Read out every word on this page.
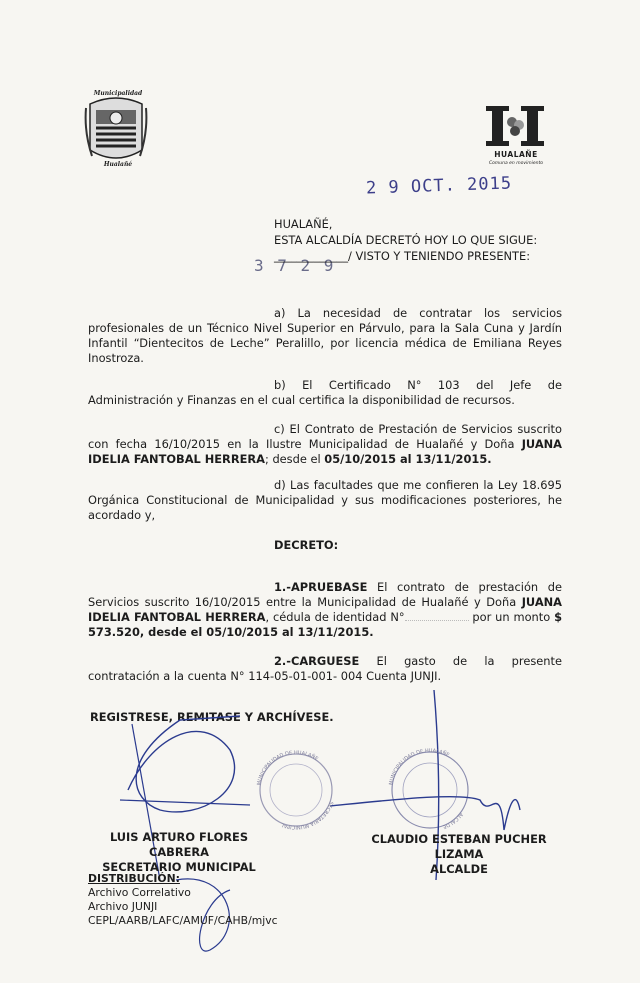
Municipalidad
Hualañé
HUALAÑE
Comuna en movimiento
2 9 OCT. 2015
3 7 2 9

HUALAÑÉ,

ESTA ALCALDÍA DECRETÓ HOY LO QUE SIGUE:

_____________/ VISTO Y TENIENDO PRESENTE:

a) La necesidad de contratar los servicios

profesionales de un Técnico Nivel Superior en Párvulo, para la Sala Cuna y Jardín Infantil “Dientecitos de Leche” Peralillo, por licencia médica de Emiliana Reyes Inostroza.

b) El Certificado N° 103 del Jefe de

Administración y Finanzas en el cual certifica la disponibilidad de recursos.

c) El Contrato de Prestación de Servicios suscrito

con fecha 16/10/2015 en la Ilustre Municipalidad de Hualañé y Doña JUANA IDELIA FANTOBAL HERRERA; desde el 05/10/2015 al 13/11/2015.

d) Las facultades que me confieren la Ley 18.695

Orgánica Constitucional de Municipalidad y sus modificaciones posteriores, he acordado y,

DECRETO:

1.-APRUEBASE El contrato de prestación de

Servicios suscrito 16/10/2015 entre la Municipalidad de Hualañé y Doña JUANA IDELIA FANTOBAL HERRERA, cédula de identidad N°	por un monto $ 573.520, desde el 05/10/2015 al 13/11/2015.

2.-CARGUESE El gasto de la presente

contratación a la cuenta N° 114-05-01-001- 004 Cuenta JUNJI.

REGISTRESE, REMITASE Y ARCHÍVESE.
MUNICIPALIDAD DE HUALAÑE
SECRETARIA MUNICIPAL
MUNICIPALIDAD DE HUALAÑE
ALCALDE
LUIS ARTURO FLORES CABRERA
SECRETARIO MUNICIPAL
CLAUDIO ESTEBAN PUCHER LIZAMA
ALCALDE
DISTRIBUCIÓN:
Archivo Correlativo
Archivo JUNJI
CEPL/AARB/LAFC/AMUF/CAHB/mjvc
